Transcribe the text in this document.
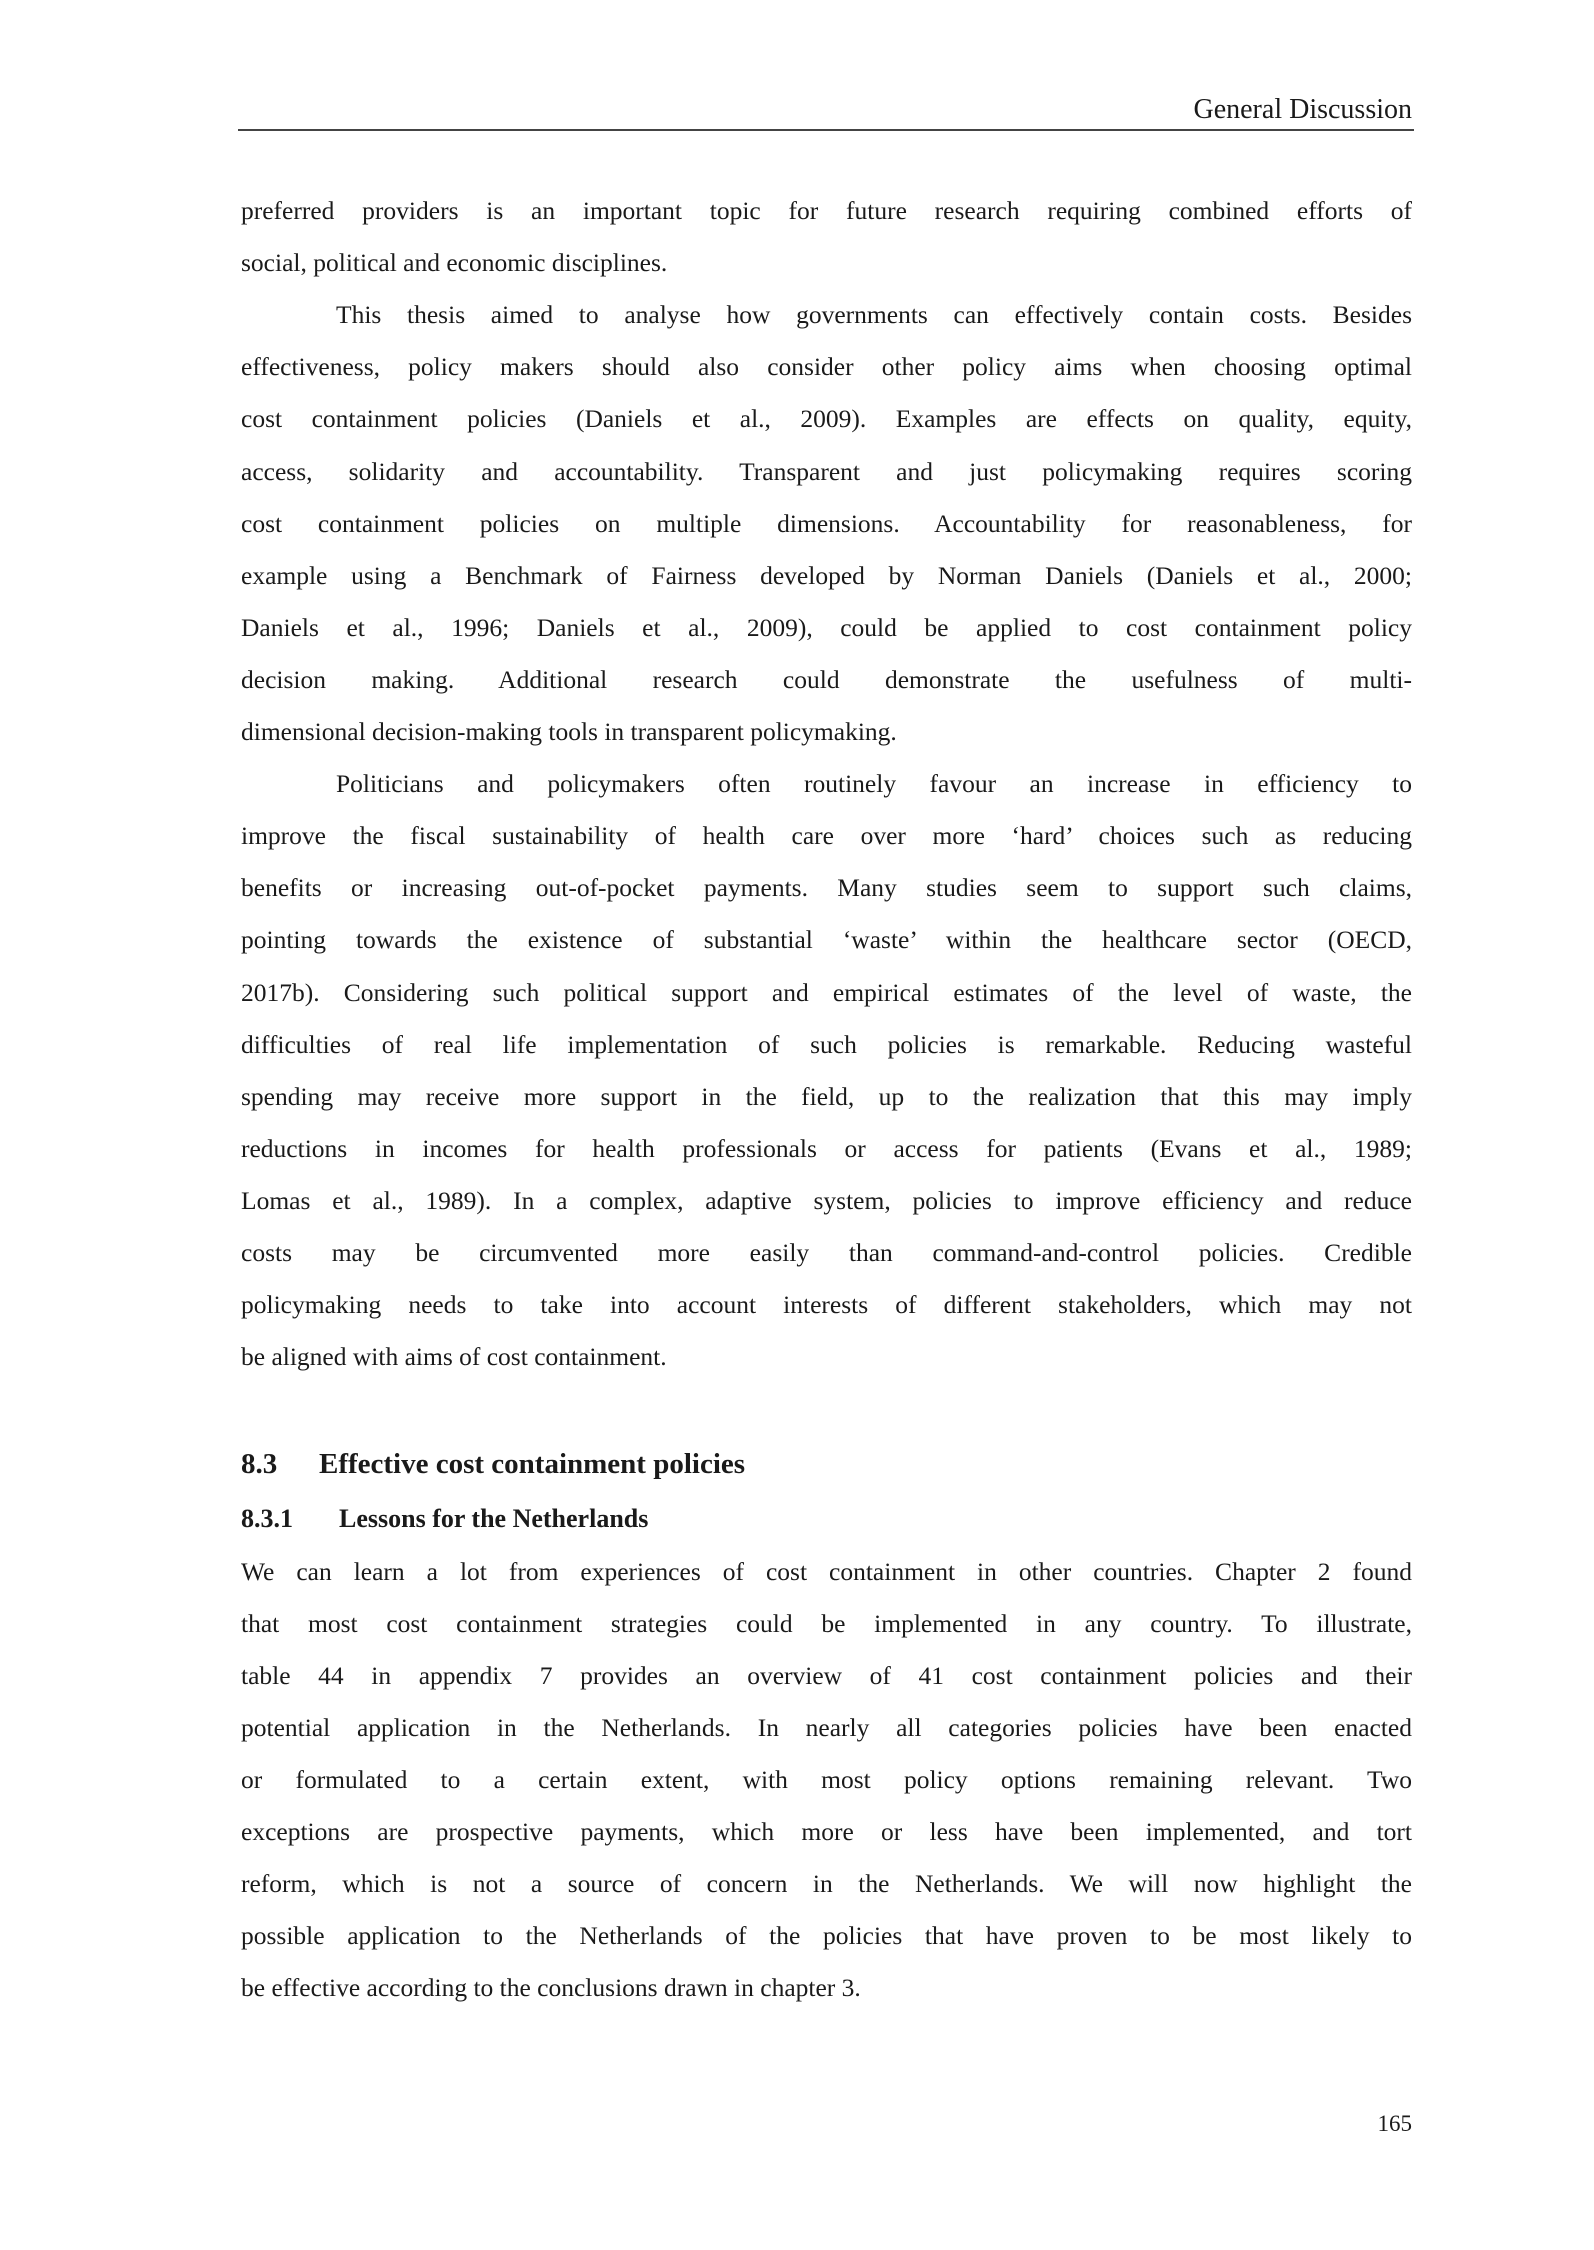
General Discussion
preferred providers is an important topic for future research requiring combined efforts of
social, political and economic disciplines.
This thesis aimed to analyse how governments can effectively contain costs. Besides
effectiveness, policy makers should also consider other policy aims when choosing optimal
cost containment policies (Daniels et al., 2009). Examples are effects on quality, equity,
access, solidarity and accountability. Transparent and just policymaking requires scoring
cost containment policies on multiple dimensions. Accountability for reasonableness, for
example using a Benchmark of Fairness developed by Norman Daniels (Daniels et al., 2000;
Daniels et al., 1996; Daniels et al., 2009), could be applied to cost containment policy
decision making. Additional research could demonstrate the usefulness of multi-
dimensional decision-making tools in transparent policymaking.
Politicians and policymakers often routinely favour an increase in efficiency to
improve the fiscal sustainability of health care over more ‘hard’ choices such as reducing
benefits or increasing out-of-pocket payments. Many studies seem to support such claims,
pointing towards the existence of substantial ‘waste’ within the healthcare sector (OECD,
2017b). Considering such political support and empirical estimates of the level of waste, the
difficulties of real life implementation of such policies is remarkable. Reducing wasteful
spending may receive more support in the field, up to the realization that this may imply
reductions in incomes for health professionals or access for patients (Evans et al., 1989;
Lomas et al., 1989). In a complex, adaptive system, policies to improve efficiency and reduce
costs may be circumvented more easily than command-and-control policies. Credible
policymaking needs to take into account interests of different stakeholders, which may not
be aligned with aims of cost containment.
8.3 Effective cost containment policies
8.3.1 Lessons for the Netherlands
We can learn a lot from experiences of cost containment in other countries. Chapter 2 found
that most cost containment strategies could be implemented in any country. To illustrate,
table 44 in appendix 7 provides an overview of 41 cost containment policies and their
potential application in the Netherlands. In nearly all categories policies have been enacted
or formulated to a certain extent, with most policy options remaining relevant. Two
exceptions are prospective payments, which more or less have been implemented, and tort
reform, which is not a source of concern in the Netherlands. We will now highlight the
possible application to the Netherlands of the policies that have proven to be most likely to
be effective according to the conclusions drawn in chapter 3.
165
